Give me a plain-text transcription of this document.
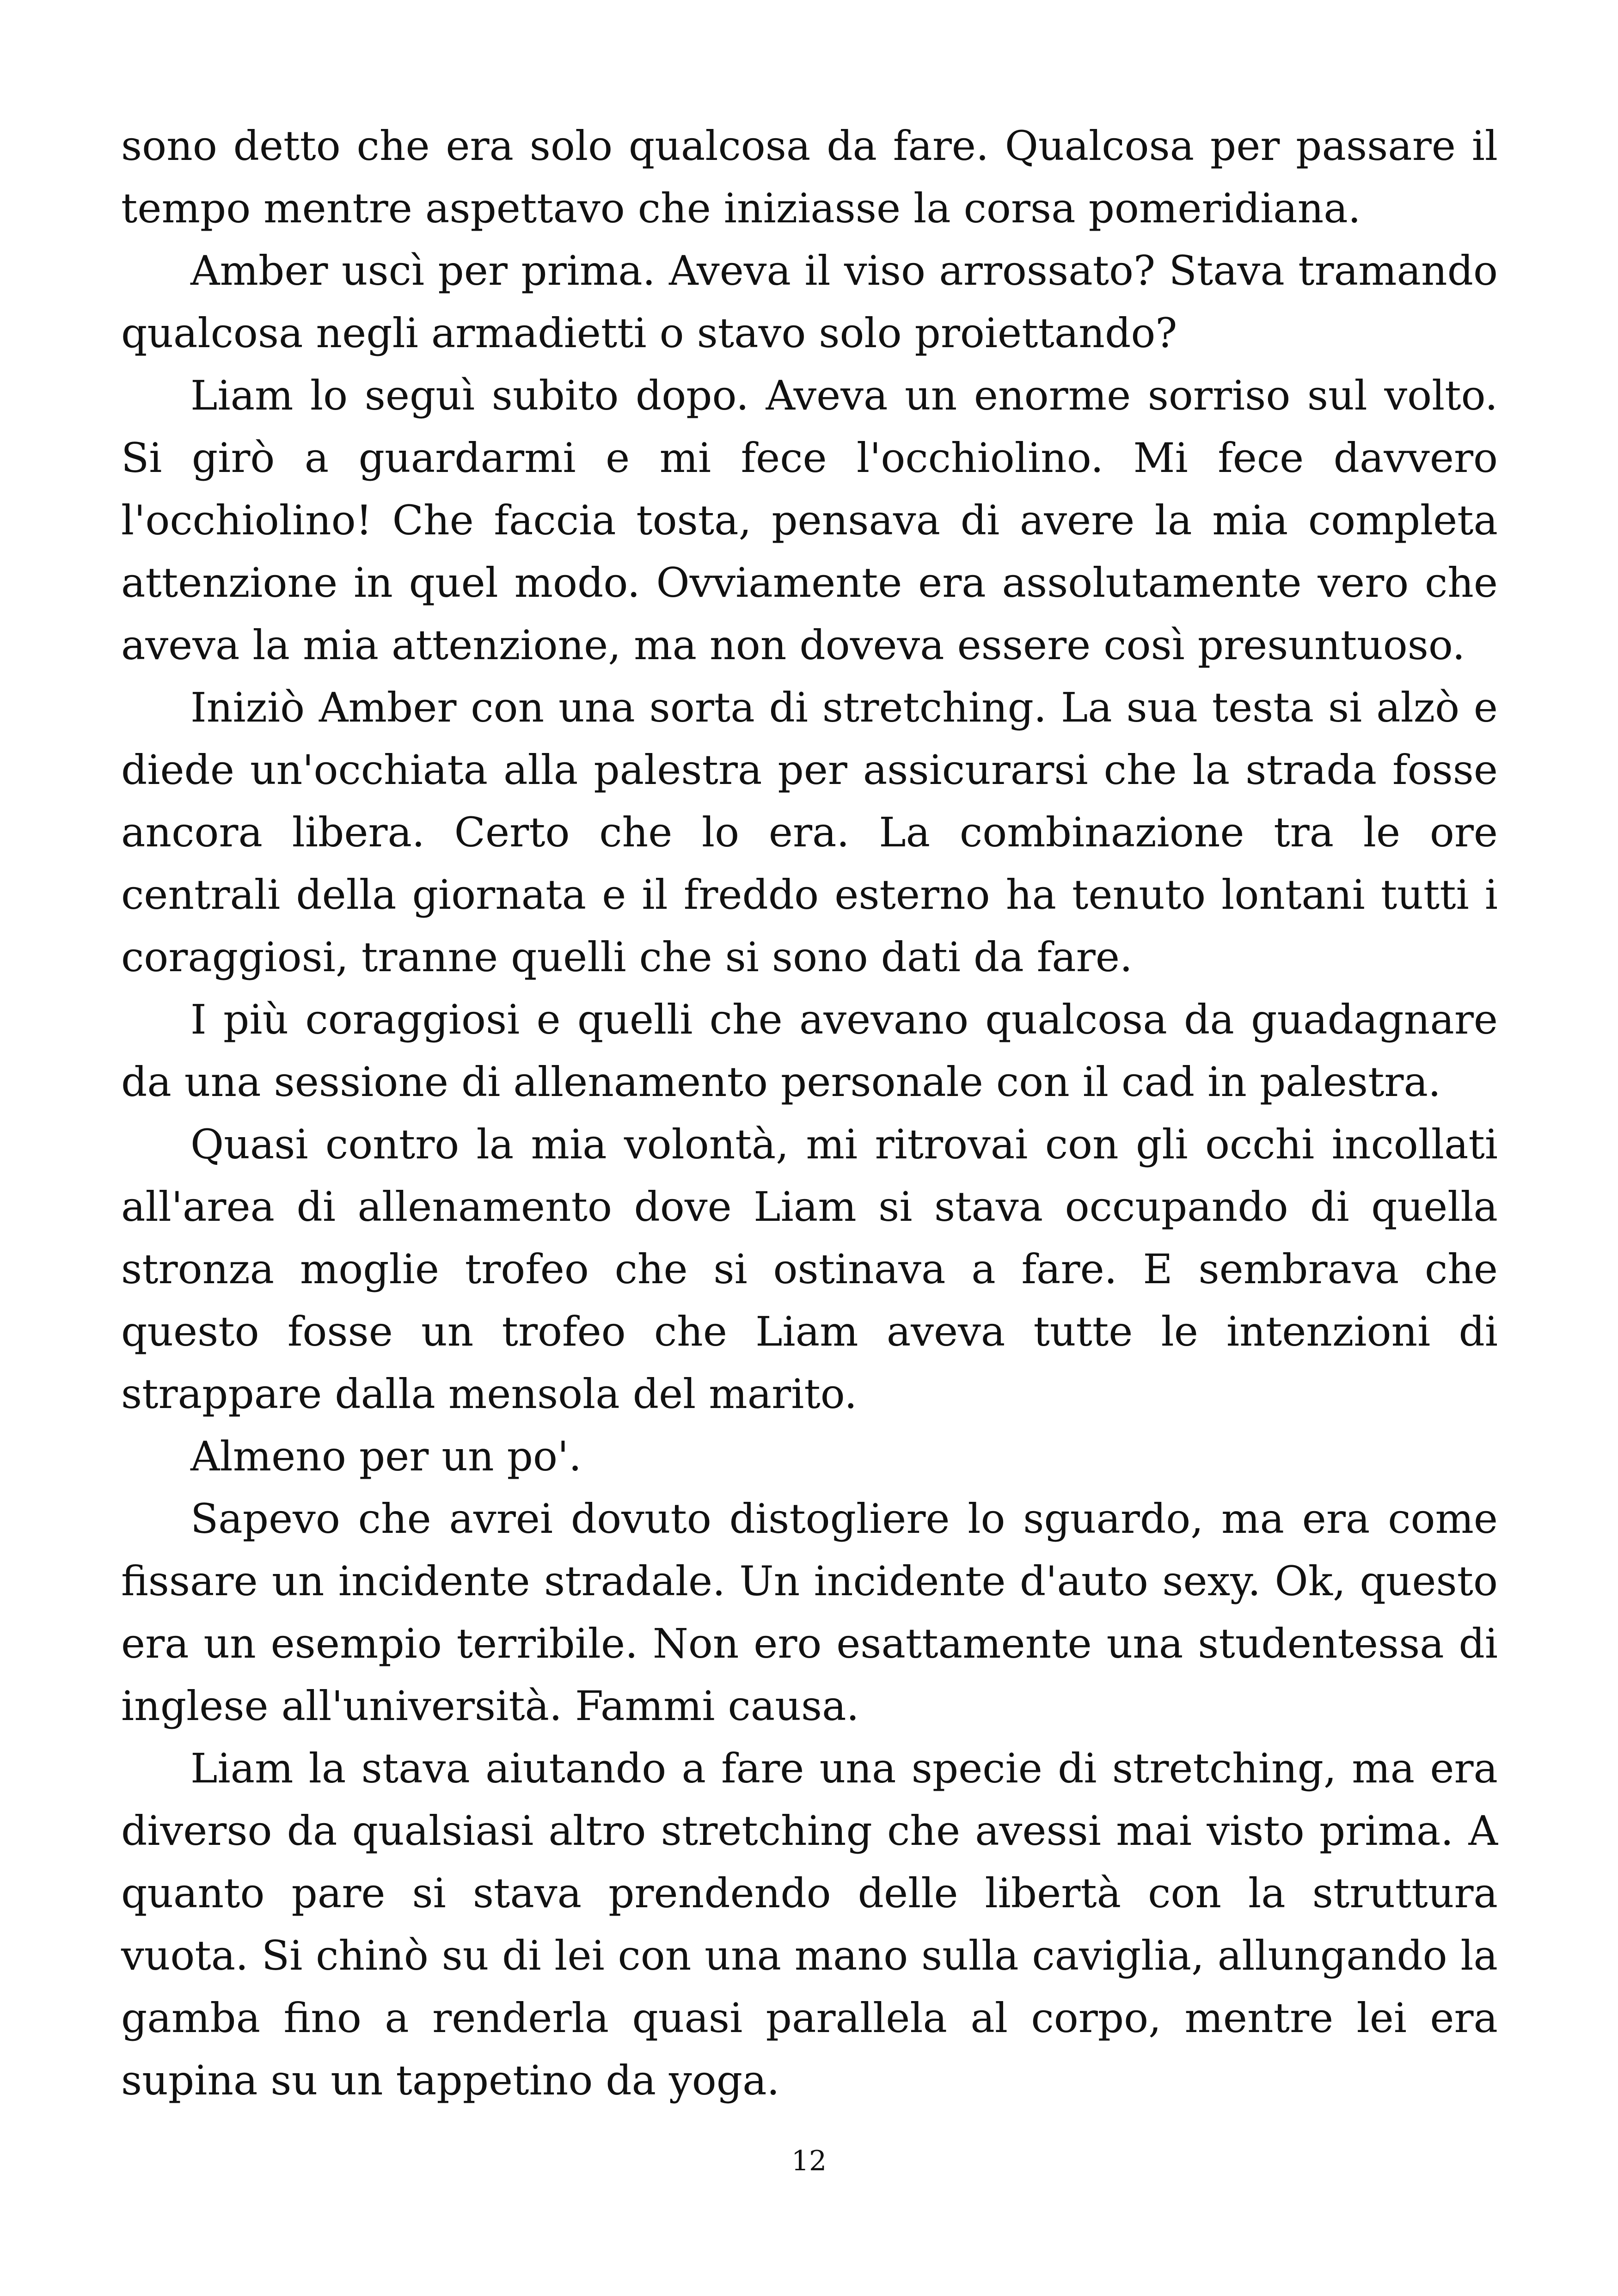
sono detto che era solo qualcosa da fare. Qualcosa per passare il tempo mentre aspettavo che iniziasse la corsa pomeridiana.

Amber uscì per prima. Aveva il viso arrossato? Stava tramando qualcosa negli armadietti o stavo solo proiettando?

Liam lo seguì subito dopo. Aveva un enorme sorriso sul volto. Si girò a guardarmi e mi fece l'occhiolino. Mi fece davvero l'occhiolino! Che faccia tosta, pensava di avere la mia completa attenzione in quel modo. Ovviamente era assolutamente vero che aveva la mia attenzione, ma non doveva essere così presuntuoso.

Iniziò Amber con una sorta di stretching. La sua testa si alzò e diede un'occhiata alla palestra per assicurarsi che la strada fosse ancora libera. Certo che lo era. La combinazione tra le ore centrali della giornata e il freddo esterno ha tenuto lontani tutti i coraggiosi, tranne quelli che si sono dati da fare.

I più coraggiosi e quelli che avevano qualcosa da guadagnare da una sessione di allenamento personale con il cad in palestra.

Quasi contro la mia volontà, mi ritrovai con gli occhi incollati all'area di allenamento dove Liam si stava occupando di quella stronza moglie trofeo che si ostinava a fare. E sembrava che questo fosse un trofeo che Liam aveva tutte le intenzioni di strappare dalla mensola del marito.

Almeno per un po'.

Sapevo che avrei dovuto distogliere lo sguardo, ma era come fissare un incidente stradale. Un incidente d'auto sexy. Ok, questo era un esempio terribile. Non ero esattamente una studentessa di inglese all'università. Fammi causa.

Liam la stava aiutando a fare una specie di stretching, ma era diverso da qualsiasi altro stretching che avessi mai visto prima. A quanto pare si stava prendendo delle libertà con la struttura vuota. Si chinò su di lei con una mano sulla caviglia, allungando la gamba fino a renderla quasi parallela al corpo, mentre lei era supina su un tappetino da yoga.

12
